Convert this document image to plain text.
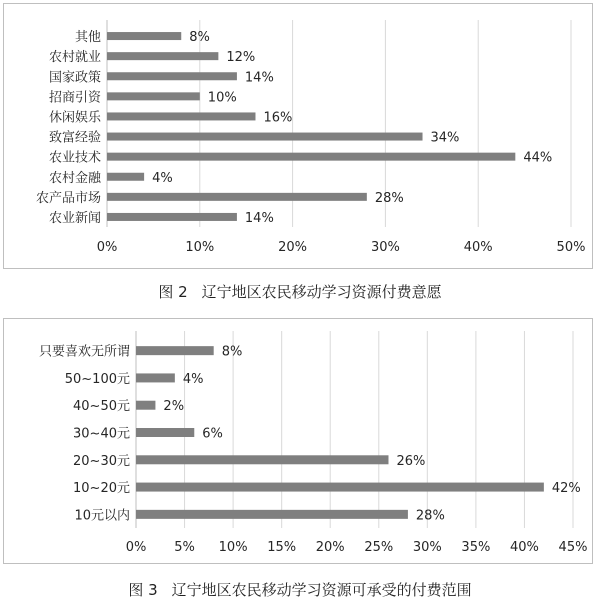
其他	8%
农村就业	12%
国家政策	14%
招商引资	10%
休闲娱乐	16%
致富经验	34%
农业技术	44%
农村金融	4%
农产品市场	28%
农业新闻	14%
0%	10%	20%	30%	40%	50%
图 2 辽宁地区农民移动学习资源付费意愿
只要喜欢无所谓	8%
50~100元	4%
40~50元	2%
30~40元	6%
20~30元	26%
10~20元	42%
10元以内	28%
0% 5% 10% 15% 20% 25% 30% 35% 40% 45%
图 3 辽宁地区农民移动学习资源可承受的付费范围
